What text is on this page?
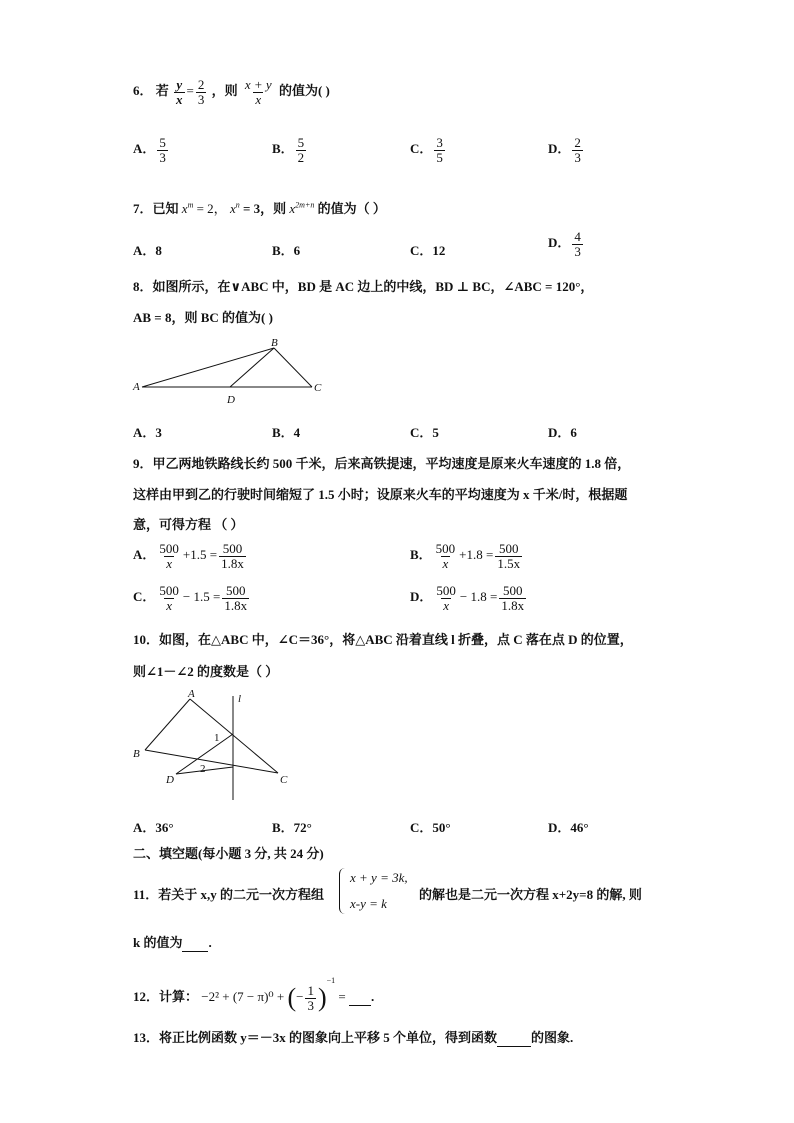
6． 若 $\frac{y}{x} = \frac{2}{3}$ ，则 $\frac{x + y}{x}$ 的值为( )
A． $\frac{5}{3}$	B． $\frac{5}{2}$	C． $\frac{3}{5}$	D． $\frac{2}{3}$
7．已知 $x^m = 2$， $x^n = 3$，则 $x^{2m+n}$ 的值为（ ）
A．8	B．6	C．12
D． $\frac{4}{3}$
8．如图所示，在∨ABC 中，BD 是 AC 边上的中线，BD ⊥ BC，∠ABC = 120°，
AB = 8，则 BC 的值为( )
A
B
C
D
A．3	B．4	C．5	D．6
9．甲乙两地铁路线长约 500 千米，后来高铁提速，平均速度是原来火车速度的 1.8 倍，
这样由甲到乙的行驶时间缩短了 1.5 小时；设原来火车的平均速度为 x 千米/时，根据题
意，可得方程 （ ）
A． $\frac{500}{x} +1.5 = \frac{500}{1.8x}$	B． $\frac{500}{x} +1.8 = \frac{500}{1.5x}$
C． $\frac{500}{x} - 1.5 = \frac{500}{1.8x}$	D． $\frac{500}{x} - 1.8 = \frac{500}{1.8x}$
10．如图，在△ABC 中，∠C＝36°，将△ABC 沿着直线 l 折叠，点 C 落在点 D 的位置，
则∠1－∠2 的度数是（ ）
A
B
C
D
l
1
2
A．36°	B．72°	C．50°	D．46°
二、填空题(每小题 3 分, 共 24 分)
11．若关于 x,y 的二元一次方程组
x + y = 3k,
x-y = k
的解也是二元一次方程 x+2y=8 的解, 则
k 的值为 .
12．计算： −2² + (7 − π)⁰ + (− $\frac{1}{3} )^{-1}$ =  .
13．将正比例函数 y＝－3x 的图象向上平移 5 个单位，得到函数	的图象.
